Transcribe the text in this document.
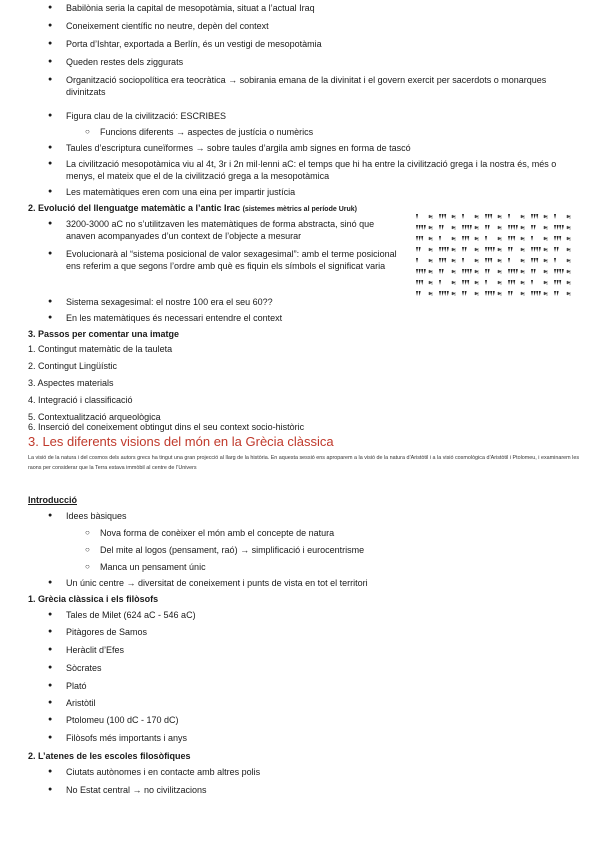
● Babilònia seria la capital de mesopotàmia, situat a l’actual Iraq
● Coneixement científic no neutre, depèn del context
● Porta d’Ishtar, exportada a Berlín, és un vestigi de mesopotàmia
● Queden restes dels ziggurats
● Organització sociopolítica era teocràtica → sobirania emana de la divinitat i el govern exercit per sacerdots o monarques divinitzats
● Figura clau de la civilització: ESCRIBES
○ Funcions diferents → aspectes de justícia o numèrics
● Taules d’escriptura cuneïformes → sobre taules d’argila amb signes en forma de tascó
● La civilització mesopotàmica viu al 4t, 3r i 2n mil·lenni aC: el temps que hi ha entre la civilització grega i la nostra és, més o menys, el mateix que el de la civilització grega a la mesopotàmica
● Les matemàtiques eren com una eina per impartir justícia
2. Evolució del llenguatge matemàtic a l’antic Irac (sistemes mètrics al període Uruk)
● 3200-3000 aC no s’utilitzaven les matemàtiques de forma abstracta, sinó que anaven acompanyades d’un context de l’objecte a mesurar
● Evolucionarà al “sistema posicional de valor sexagesimal”: amb el terme posicional ens referim a que segons l’ordre amb què es fiquin els símbols el significat varia
● Sistema sexagesimal: el nostre 100 era el seu 60??
● En les matemàtiques és necessari entendre el context
3. Passos per comentar una imatge
1. Contingut matemàtic de la tauleta
2. Contingut Lingüístic
3. Aspectes materials
4. Integració i classificació
5. Contextualització arqueològica
6. Inserció del coneixement obtingut dins el seu context socio-històric
3. Les diferents visions del món en la Grècia clàssica
La visió de la natura i del cosmos dels autors grecs ha tingut una gran projecció al llarg de la història. En aquesta sessió ens aproparem a la visió de la natura d’Aristòtil i a la visió cosmològica d’Aristòtil i Ptolomeu, i examinarem les raons per considerar que la Terra estava immòbil al centre de l’Univers
Introducció
● Idees bàsiques
○ Nova forma de conèixer el món amb el concepte de natura
○ Del mite al logos (pensament, raó) → simplificació i eurocentrisme
○ Manca un pensament únic
● Un únic centre → diversitat de coneixement i punts de vista en tot el territori
1. Grècia clàssica i els filòsofs
● Tales de Milet (624 aC - 546 aC)
● Pitàgores de Samos
● Heràclit d’Efes
● Sòcrates
● Plató
● Aristòtil
● Ptolomeu (100 dC - 170 dC)
● Filòsofs més importants i anys
2. L’atenes de les escoles filosòfiques
● Ciutats autònomes i en contacte amb altres polis
● No Estat central → no civilitzacions
